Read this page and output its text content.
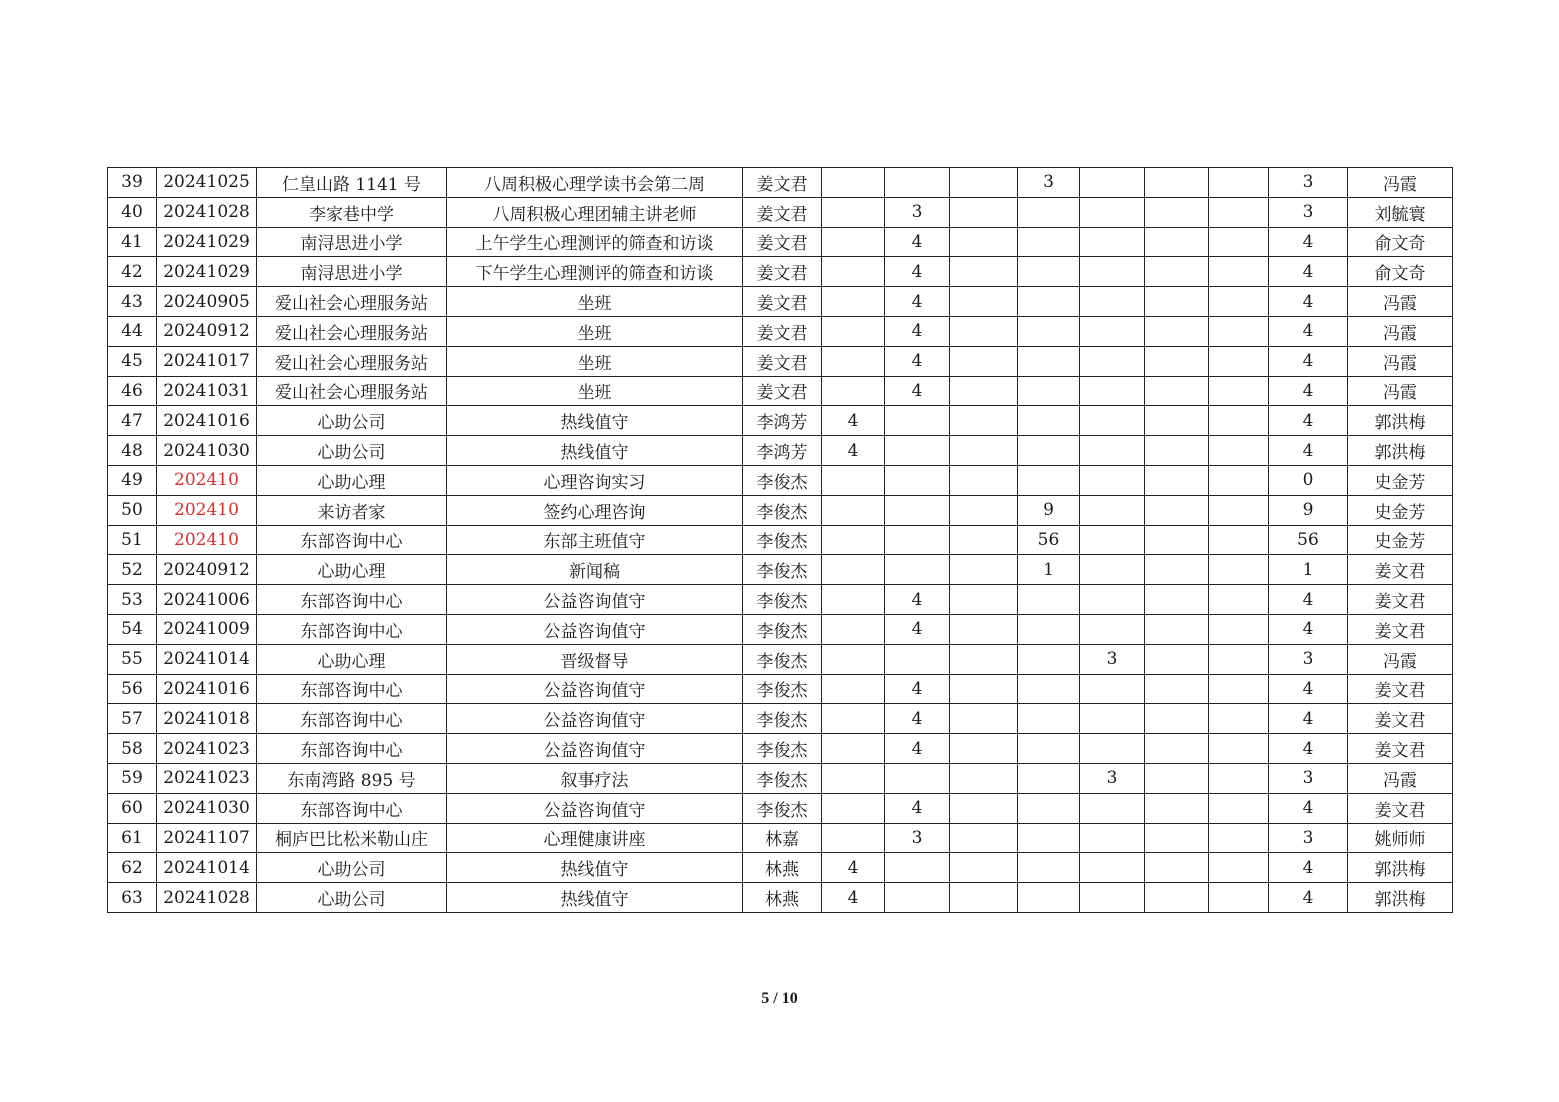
39	20241025	仁皇山路 1141 号	八周积极心理学读书会第二周	姜文君				3				3	冯霞
40	20241028	李家巷中学	八周积极心理团辅主讲老师	姜文君		3						3	刘毓寰
41	20241029	南浔思进小学	上午学生心理测评的筛查和访谈	姜文君		4						4	俞文奇
42	20241029	南浔思进小学	下午学生心理测评的筛查和访谈	姜文君		4						4	俞文奇
43	20240905	爱山社会心理服务站	坐班	姜文君		4						4	冯霞
44	20240912	爱山社会心理服务站	坐班	姜文君		4						4	冯霞
45	20241017	爱山社会心理服务站	坐班	姜文君		4						4	冯霞
46	20241031	爱山社会心理服务站	坐班	姜文君		4						4	冯霞
47	20241016	心助公司	热线值守	李鸿芳	4							4	郭洪梅
48	20241030	心助公司	热线值守	李鸿芳	4							4	郭洪梅
49	202410	心助心理	心理咨询实习	李俊杰								0	史金芳
50	202410	来访者家	签约心理咨询	李俊杰				9				9	史金芳
51	202410	东部咨询中心	东部主班值守	李俊杰				56				56	史金芳
52	20240912	心助心理	新闻稿	李俊杰				1				1	姜文君
53	20241006	东部咨询中心	公益咨询值守	李俊杰		4						4	姜文君
54	20241009	东部咨询中心	公益咨询值守	李俊杰		4						4	姜文君
55	20241014	心助心理	晋级督导	李俊杰					3			3	冯霞
56	20241016	东部咨询中心	公益咨询值守	李俊杰		4						4	姜文君
57	20241018	东部咨询中心	公益咨询值守	李俊杰		4						4	姜文君
58	20241023	东部咨询中心	公益咨询值守	李俊杰		4						4	姜文君
59	20241023	东南湾路 895 号	叙事疗法	李俊杰					3			3	冯霞
60	20241030	东部咨询中心	公益咨询值守	李俊杰		4						4	姜文君
61	20241107	桐庐巴比松米勒山庄	心理健康讲座	林嘉		3						3	姚师师
62	20241014	心助公司	热线值守	林燕	4							4	郭洪梅
63	20241028	心助公司	热线值守	林燕	4							4	郭洪梅
5 / 10
